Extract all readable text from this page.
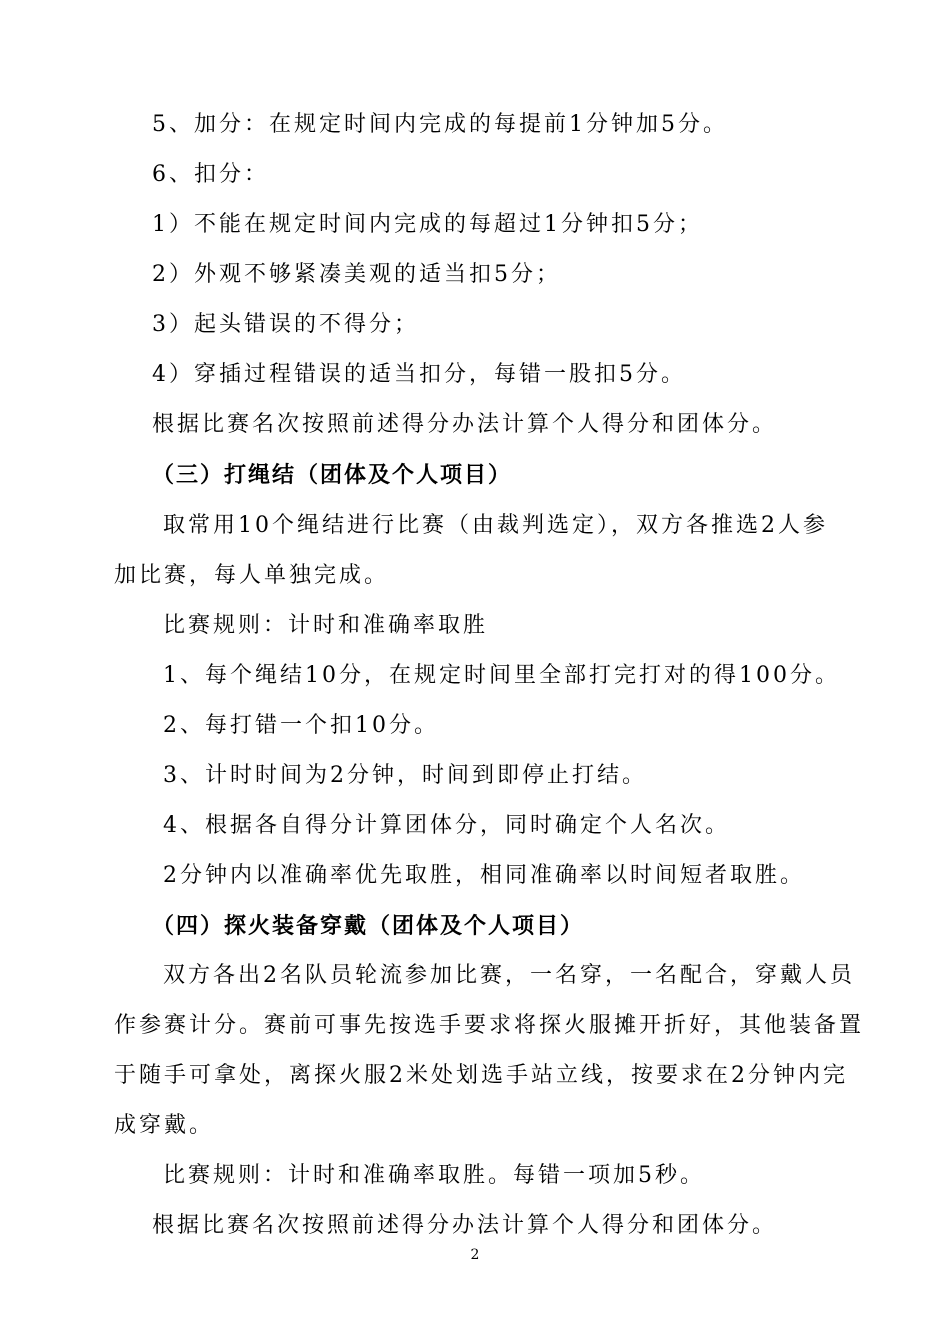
5、加分：在规定时间内完成的每提前1分钟加5分。
6、扣分：
1）不能在规定时间内完成的每超过1分钟扣5分；
2）外观不够紧凑美观的适当扣5分；
3）起头错误的不得分；
4）穿插过程错误的适当扣分，每错一股扣5分。
根据比赛名次按照前述得分办法计算个人得分和团体分。
（三）打绳结（团体及个人项目）
取常用10个绳结进行比赛（由裁判选定），双方各推选2人参
加比赛，每人单独完成。
比赛规则：计时和准确率取胜
1、每个绳结10分，在规定时间里全部打完打对的得100分。
2、每打错一个扣10分。
3、计时时间为2分钟，时间到即停止打结。
4、根据各自得分计算团体分，同时确定个人名次。
2分钟内以准确率优先取胜，相同准确率以时间短者取胜。
（四）探火装备穿戴（团体及个人项目）
双方各出2名队员轮流参加比赛，一名穿，一名配合，穿戴人员
作参赛计分。赛前可事先按选手要求将探火服摊开折好，其他装备置
于随手可拿处，离探火服2米处划选手站立线，按要求在2分钟内完
成穿戴。
比赛规则：计时和准确率取胜。每错一项加5秒。
根据比赛名次按照前述得分办法计算个人得分和团体分。
2
